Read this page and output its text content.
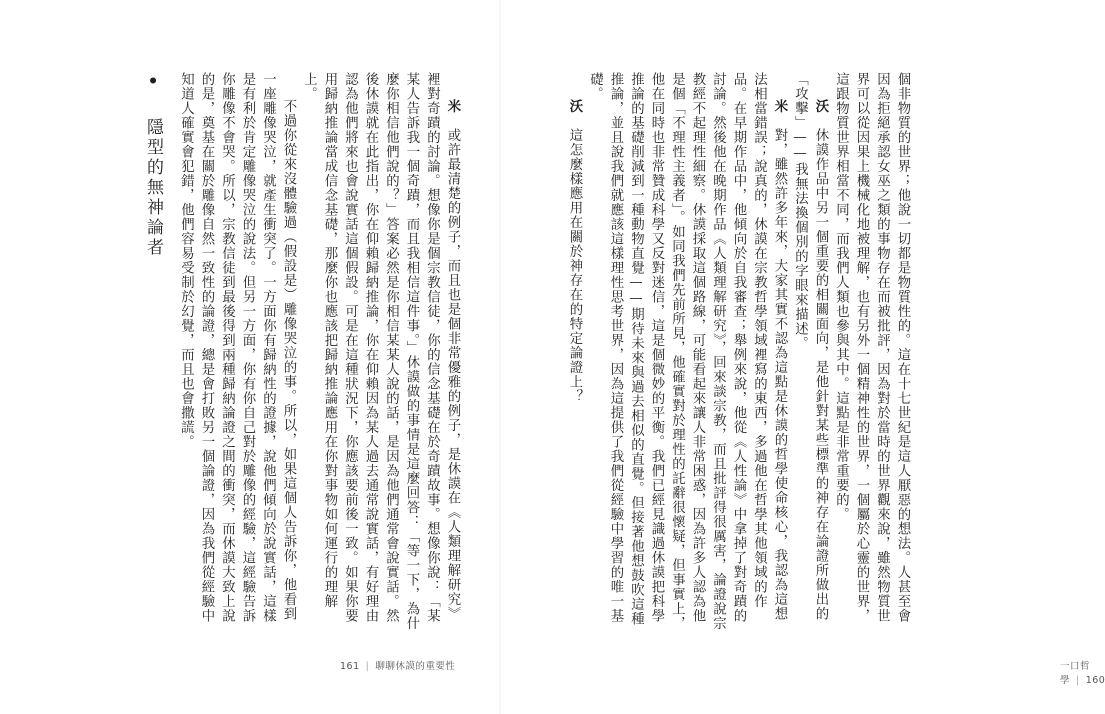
個非物質的世界；他說一切都是物質性的。這在十七世紀是這人厭惡的想法。人甚至會因為拒絕承認女巫之類的事物存在而被批評，因為對於當時的世界觀來說，雖然物質世界可以從因果上機械化地被理解，也有另外一個精神性的世界，一個屬於心靈的世界，這跟物質世界相當不同，而我們人類也參與其中。這點是非常重要的。

沃　休謨作品中另一個重要的相關面向，是他針對某些標準的神存在論證所做出的「攻擊」——我無法換個別的字眼來描述。

米　對，雖然許多年來，大家其實不認為這點是休謨的哲學使命核心，我認為這想法相當錯誤；說真的，休謨在宗教哲學領域裡寫的東西，多過他在哲學其他領域的作品。在早期作品中，他傾向於自我審查；舉例來說，他從《人性論》中拿掉了對奇蹟的討論。然後他在晚期作品《人類理解研究》，回來談宗教，而且批評得很厲害，論證說宗教經不起理性細察。休謨採取這個路線，可能看起來讓人非常困惑，因為許多人認為他是個「不理性主義者」。如同我們先前所見，他確實對於理性的託辭很懷疑，但事實上，他在同時也非常贊成科學又反對迷信，這是個微妙的平衡。我們已經見識過休謨把科學推論的基礎削減到一種動物直覺——期待未來與過去相似的直覺。但接著他想鼓吹這種推論，並且說我們就應該這樣理性思考世界，因為這提供了我們從經驗中學習的唯一基礎。

沃　這怎麼樣應用在關於神存在的特定論證上？

一口哲學 | 160

米　或許最清楚的例子，而且也是個非常優雅的例子，是休謨在《人類理解研究》裡對奇蹟的討論。想像你是個宗教信徒，你的信念基礎在於奇蹟故事。想像你說：「某某人告訴我一個奇蹟，而且我相信這件事。」休謨做的事情是這麼回答：「等一下，為什麼你相信他們說的？」答案必然是你相信某某人說的話，是因為他們通常會說實話。然後休謨就在此指出，你在仰賴歸納推論，你在仰賴因為某人過去通常說實話，有好理由認為他們將來也會說實話這個假設。可是在這種狀況下，你應該要前後一致。如果你要用歸納推論當成信念基礎，那麼你也應該把歸納推論應用在你對事物如何運行的理解上。

不過你從來沒體驗過（假設是）雕像哭泣的事。所以，如果這個人告訴你，他看到一座雕像哭泣，就產生衝突了。一方面你有歸納性的證據，說他們傾向於說實話，這樣是有利於肯定雕像哭泣的說法。但另一方面，你有你自己對於雕像的經驗，這經驗告訴你雕像不會哭。所以，宗教信徒到最後得到兩種歸納論證之間的衝突，而休謨大致上說的是，奠基在關於雕像自然一致性的論證，總是會打敗另一個論證，因為我們從經驗中知道人確實會犯錯，他們容易受制於幻覺，而且也會撒謊。

• 隱型的無神論者
161 | 聊聊休謨的重要性
